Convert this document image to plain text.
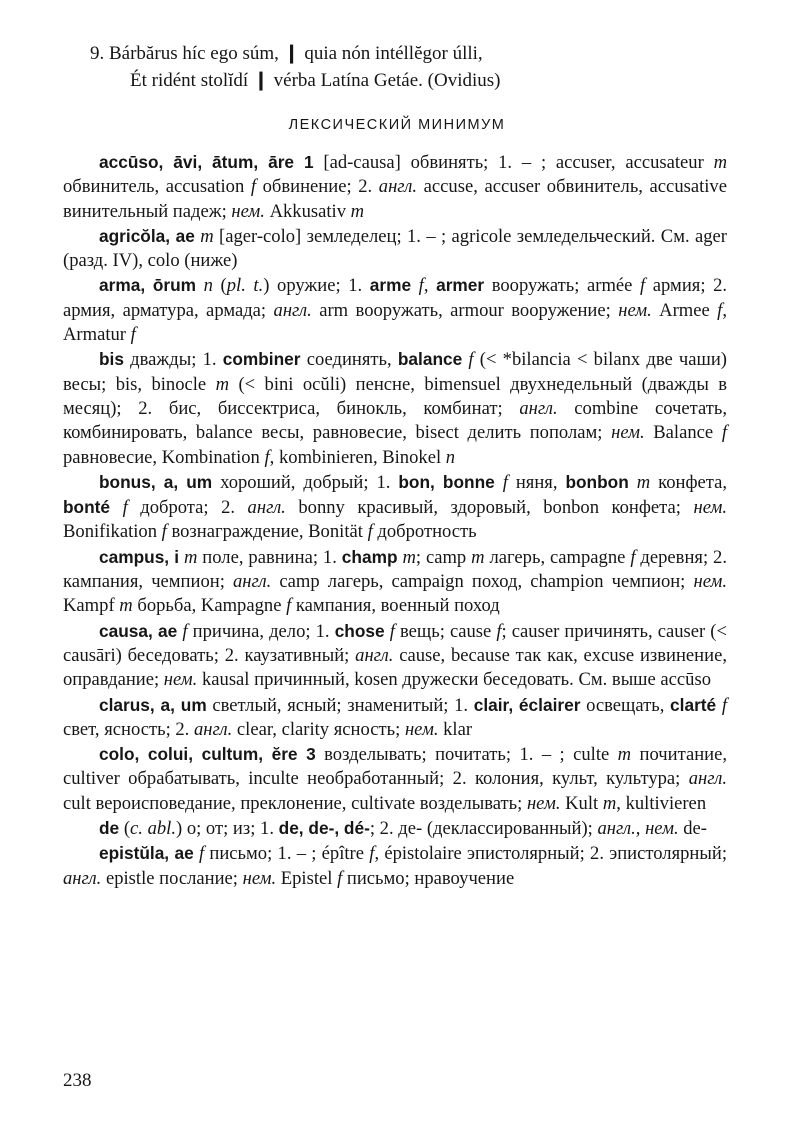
9. Bárbărus híc ego súm, ❙ quia nón intéllĕgor úlli,
Ét ridént stolĭdí ❙ vérba Latína Getáe. (Ovidius)
ЛЕКСИЧЕСКИЙ МИНИМУМ

accūso, āvi, ātum, āre 1 [ad-causa] обвинять; 1. – ; accuser, accusateur m обвинитель, accusation f обвинение; 2. англ. accuse, accuser обвинитель, accusative винительный падеж; нем. Akkusativ m

agricŏla, ae m [ager-colo] земледелец; 1. – ; agricole земледельческий. См. ager (разд. IV), colo (ниже)

arma, ōrum n (pl. t.) оружие; 1. arme f, armer вооружать; armée f армия; 2. армия, арматура, армада; англ. arm вооружать, armour вооружение; нем. Armee f, Armatur f

bis дважды; 1. combiner соединять, balance f (< *bilancia < bilanx две чаши) весы; bis, binocle m (< bini ocŭli) пенсне, bimensuel двухнедельный (дважды в месяц); 2. бис, биссектриса, бинокль, комбинат; англ. combine сочетать, комбинировать, balance весы, равновесие, bisect делить пополам; нем. Balance f равновесие, Kombination f, kombinieren, Binokel n

bonus, a, um хороший, добрый; 1. bon, bonne f няня, bonbon m конфета, bonté f доброта; 2. англ. bonny красивый, здоровый, bonbon конфета; нем. Bonifikation f вознаграждение, Bonität f добротность

campus, i m поле, равнина; 1. champ m; camp m лагерь, campagne f деревня; 2. кампания, чемпион; англ. camp лагерь, campaign поход, champion чемпион; нем. Kampf m борьба, Kampagne f кампания, военный поход

causa, ae f причина, дело; 1. chose f вещь; cause f; causer причинять, causer (< causāri) беседовать; 2. каузативный; англ. cause, because так как, excuse извинение, оправдание; нем. kausal причинный, kosen дружески беседовать. См. выше accūso

clarus, a, um светлый, ясный; знаменитый; 1. clair, éclairer освещать, clarté f свет, ясность; 2. англ. clear, clarity ясность; нем. klar

colo, colui, cultum, ĕre 3 возделывать; почитать; 1. – ; culte m почитание, cultiver обрабатывать, inculte необработанный; 2. колония, культ, культура; англ. cult вероисповедание, преклонение, cultivate возделывать; нем. Kult m, kultivieren

de (c. abl.) о; от; из; 1. de, de-, dé-; 2. де- (деклассированный); англ., нем. de-

epistŭla, ae f письмо; 1. – ; épître f, épistolaire эпистолярный; 2. эпистолярный; англ. epistle послание; нем. Epistel f письмо; нравоучение

238
